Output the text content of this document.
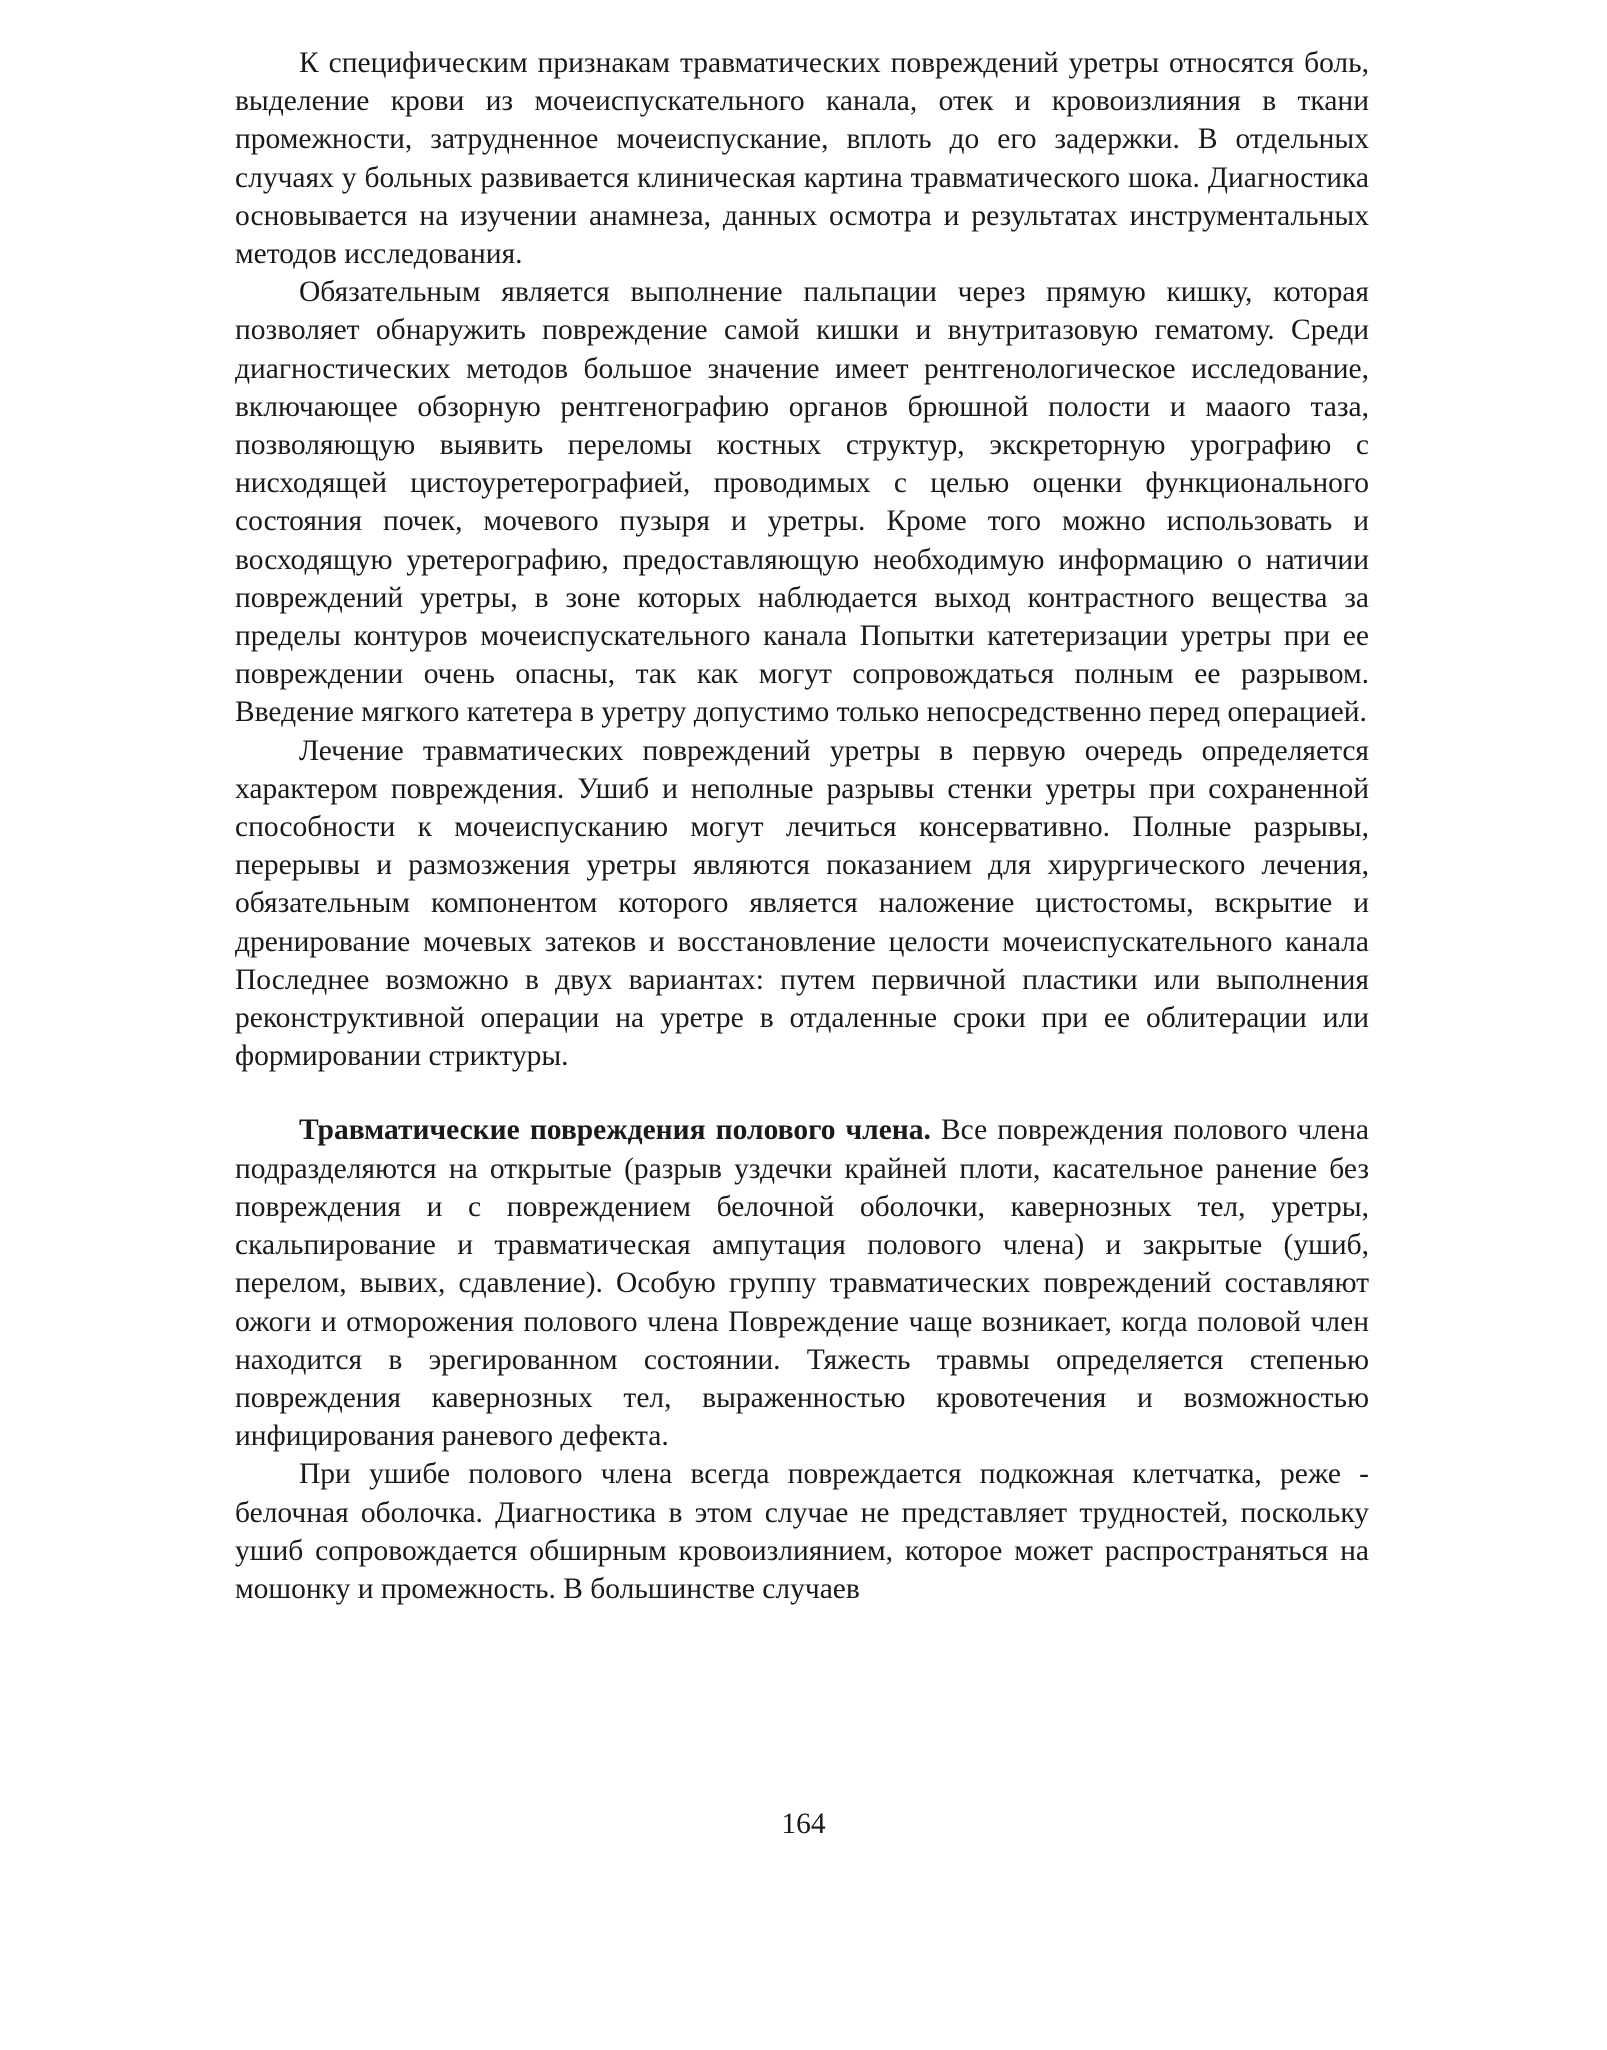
К специфическим признакам травматических повреждений уретры относятся боль, выделение крови из мочеиспускательного канала, отек и кровоизлияния в ткани промежности, затрудненное мочеиспускание, вплоть до его задержки. В отдельных случаях у больных развивается клиническая картина травматического шока. Диагностика основывается на изучении анамнеза, данных осмотра и результатах инструментальных методов исследования.

Обязательным является выполнение пальпации через прямую кишку, которая позволяет обнаружить повреждение самой кишки и внутритазовую гематому. Среди диагностических методов большое значение имеет рентгенологическое исследование, включающее обзорную рентгенографию органов брюшной полости и маaого таза, позволяющую выявить переломы костных структур, экскреторную урографию с нисходящей цистоуретерографией, проводимых с целью оценки функционального состояния почек, мочевого пузыря и уретры. Кроме того можно использовать и восходящую уретерографию, предоставляющую необходимую информацию о натичии повреждений уретры, в зоне которых наблюдается выход контрастного вещества за пределы контуров мочеиспускательного канала Попытки катетеризации уретры при ее повреждении очень опасны, так как могут сопровождаться полным ее разрывом. Введение мягкого катетера в уретру допустимо только непосредственно перед операцией.

Лечение травматических повреждений уретры в первую очередь определяется характером повреждения. Ушиб и неполные разрывы стенки уретры при сохраненной способности к мочеиспусканию могут лечиться консервативно. Полные разрывы, перерывы и размозжения уретры являются показанием для хирургического лечения, обязательным компонентом которого является наложение цистостомы, вскрытие и дренирование мочевых затеков и восстановление целости мочеиспускательного канала Последнее возможно в двух вариантах: путем первичной пластики или выполнения реконструктивной операции на уретре в отдаленные сроки при ее облитерации или формировании стриктуры.

Травматические повреждения полового члена. Все повреждения полового члена подразделяются на открытые (разрыв уздечки крайней плоти, касательное ранение без повреждения и с повреждением белочной оболочки, кавернозных тел, уретры, скальпирование и травматическая ампутация полового члена) и закрытые (ушиб, перелом, вывих, сдавление). Особую группу травматических повреждений составляют ожоги и отморожения полового члена Повреждение чаще возникает, когда половой член находится в эрегированном состоянии. Тяжесть травмы определяется степенью повреждения кавернозных тел, выраженностью кровотечения и возможностью инфицирования раневого дефекта.

При ушибе полового члена всегда повреждается подкожная клетчатка, реже - белочная оболочка. Диагностика в этом случае не представляет трудностей, поскольку ушиб сопровождается обширным кровоизлиянием, которое может распространяться на мошонку и промежность. В большинстве случаев

164
